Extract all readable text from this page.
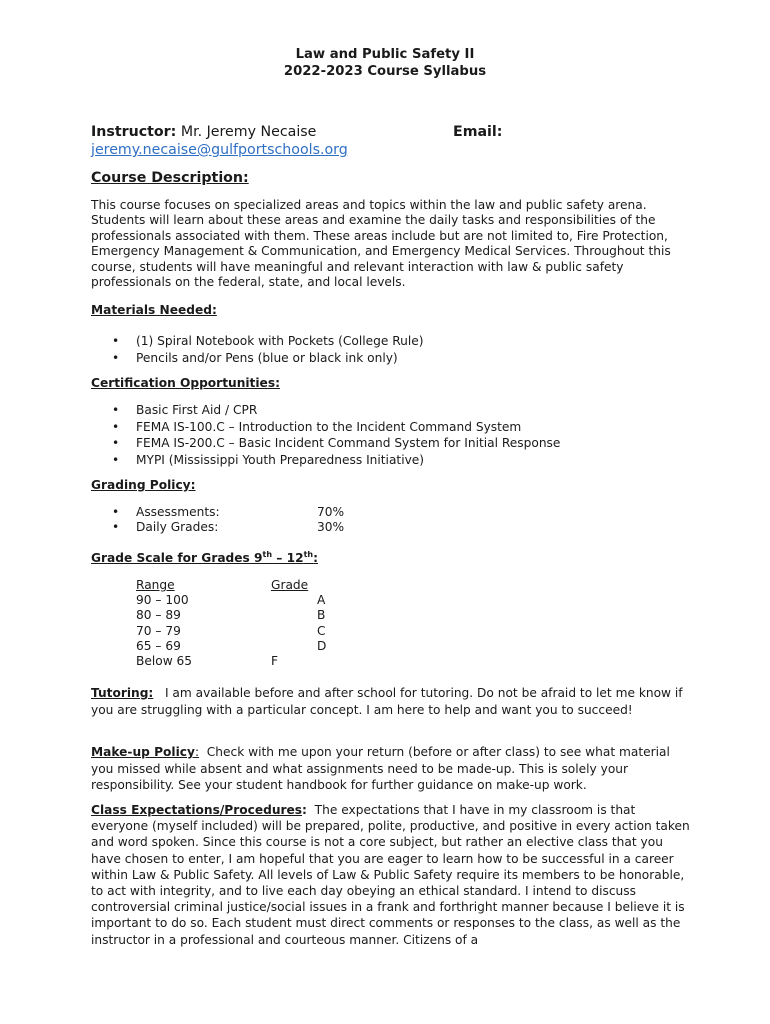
Law and Public Safety II
2022-2023 Course Syllabus
Instructor: Mr. Jeremy Necaise	Email:
jeremy.necaise@gulfportschools.org
Course Description:
This course focuses on specialized areas and topics within the law and public safety arena. Students will learn about these areas and examine the daily tasks and responsibilities of the professionals associated with them. These areas include but are not limited to, Fire Protection, Emergency Management & Communication, and Emergency Medical Services. Throughout this course, students will have meaningful and relevant interaction with law & public safety professionals on the federal, state, and local levels.
Materials Needed:
• (1) Spiral Notebook with Pockets (College Rule)
• Pencils and/or Pens (blue or black ink only)
Certification Opportunities:
• Basic First Aid / CPR
• FEMA IS-100.C – Introduction to the Incident Command System
• FEMA IS-200.C – Basic Incident Command System for Initial Response
• MYPI (Mississippi Youth Preparedness Initiative)
Grading Policy:
• Assessments:	70%
• Daily Grades:	30%
Grade Scale for Grades 9th – 12th:
Range	Grade
90 – 100	A
80 – 89	B
70 – 79	C
65 – 69	D
Below 65	F

Tutoring: I am available before and after school for tutoring. Do not be afraid to let me know if you are struggling with a particular concept. I am here to help and want you to succeed!

Make-up Policy: Check with me upon your return (before or after class) to see what material you missed while absent and what assignments need to be made-up. This is solely your responsibility. See your student handbook for further guidance on make-up work.

Class Expectations/Procedures: The expectations that I have in my classroom is that everyone (myself included) will be prepared, polite, productive, and positive in every action taken and word spoken. Since this course is not a core subject, but rather an elective class that you have chosen to enter, I am hopeful that you are eager to learn how to be successful in a career within Law & Public Safety. All levels of Law & Public Safety require its members to be honorable, to act with integrity, and to live each day obeying an ethical standard. I intend to discuss controversial criminal justice/social issues in a frank and forthright manner because I believe it is important to do so. Each student must direct comments or responses to the class, as well as the instructor in a professional and courteous manner. Citizens of a
